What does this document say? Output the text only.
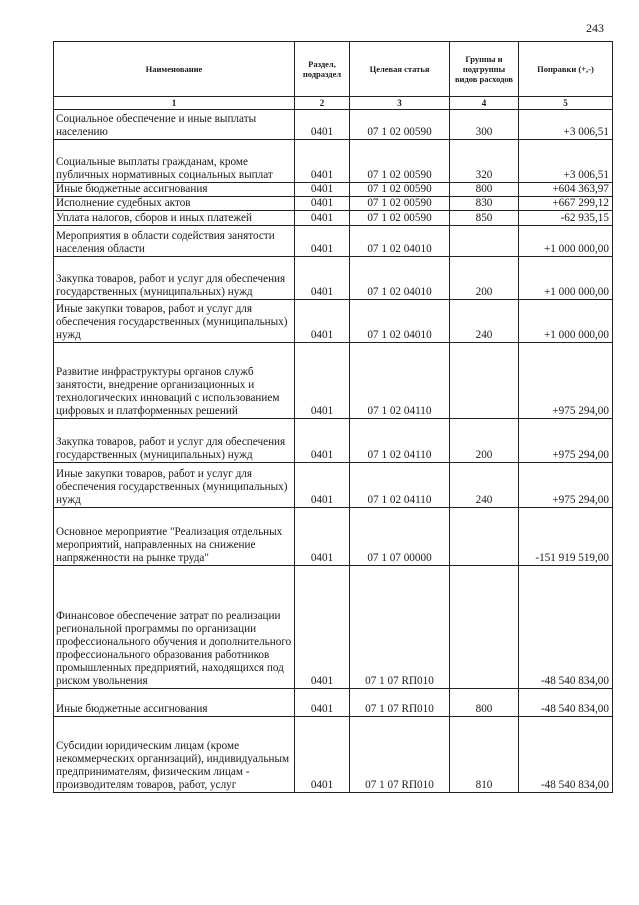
243
Наименование	Раздел, подраздел	Целевая статья	Группы и подгруппы видов расходов	Поправки (+,-)
1	2	3	4	5
Социальное обеспечение и иные выплаты населению	0401	07 1 02 00590	300	+3 006,51
Социальные выплаты гражданам, кроме публичных нормативных социальных выплат	0401	07 1 02 00590	320	+3 006,51
Иные бюджетные ассигнования	0401	07 1 02 00590	800	+604 363,97
Исполнение судебных актов	0401	07 1 02 00590	830	+667 299,12
Уплата налогов, сборов и иных платежей	0401	07 1 02 00590	850	-62 935,15
Мероприятия в области содействия занятости населения области	0401	07 1 02 04010		+1 000 000,00
Закупка товаров, работ и услуг для обеспечения государственных (муниципальных) нужд	0401	07 1 02 04010	200	+1 000 000,00
Иные закупки товаров, работ и услуг для обеспечения государственных (муниципальных) нужд	0401	07 1 02 04010	240	+1 000 000,00
Развитие инфраструктуры органов служб занятости, внедрение организационных и технологических инноваций с использованием цифровых и платформенных решений	0401	07 1 02 04110		+975 294,00
Закупка товаров, работ и услуг для обеспечения государственных (муниципальных) нужд	0401	07 1 02 04110	200	+975 294,00
Иные закупки товаров, работ и услуг для обеспечения государственных (муниципальных) нужд	0401	07 1 02 04110	240	+975 294,00
Основное мероприятие "Реализация отдельных мероприятий, направленных на снижение напряженности на рынке труда"	0401	07 1 07 00000		-151 919 519,00
Финансовое обеспечение затрат по реализации региональной программы по организации профессионального обучения и дополнительного профессионального образования работников промышленных предприятий, находящихся под риском увольнения	0401	07 1 07 RП010		-48 540 834,00
Иные бюджетные ассигнования	0401	07 1 07 RП010	800	-48 540 834,00
Субсидии юридическим лицам (кроме некоммерческих организаций), индивидуальным предпринимателям, физическим лицам - производителям товаров, работ, услуг	0401	07 1 07 RП010	810	-48 540 834,00
